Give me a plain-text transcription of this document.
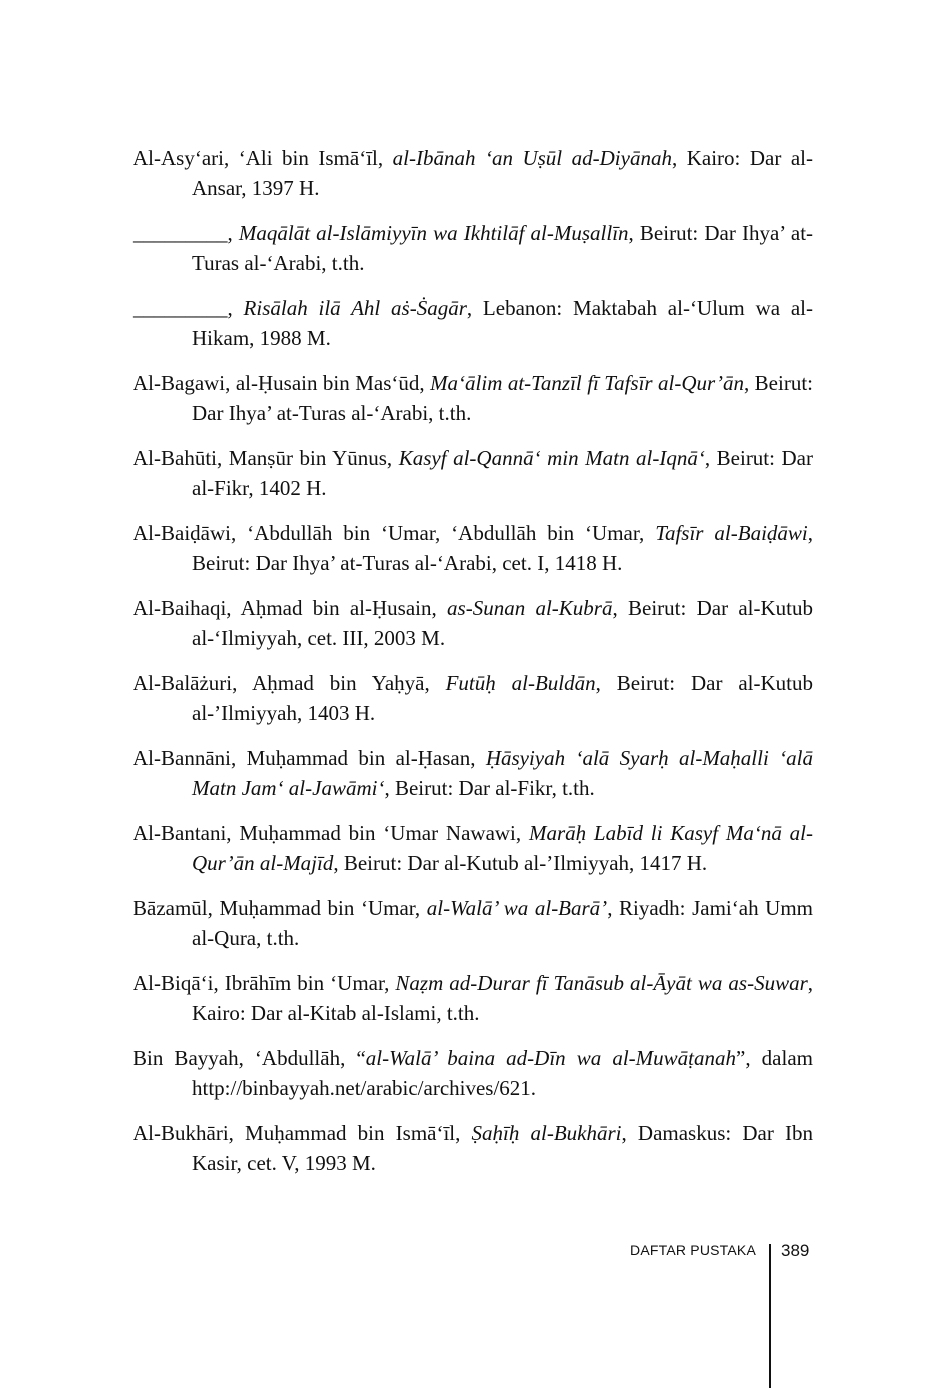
Al-Asy‘ari, ‘Ali bin Ismā‘īl, al-Ibānah ‘an Uṣūl ad-Diyānah, Kairo: Dar al-Ansar, 1397 H.

_________, Maqālāt al-Islāmiyyīn wa Ikhtilāf al-Muṣallīn, Beirut: Dar Ihya’ at-Turas al-‘Arabi, t.th.

_________, Risālah ilā Ahl aṡ-Ṡagār, Lebanon: Maktabah al-‘Ulum wa al-Hikam, 1988 M.

Al-Bagawi, al-Ḥusain bin Mas‘ūd, Ma‘ālim at-Tanzīl fī Tafsīr al-Qur’ān, Beirut: Dar Ihya’ at-Turas al-‘Arabi, t.th.

Al-Bahūti, Manṣūr bin Yūnus, Kasyf al-Qannā‘ min Matn al-Iqnā‘, Beirut: Dar al-Fikr, 1402 H.

Al-Baiḍāwi, ‘Abdullāh bin ‘Umar, ‘Abdullāh bin ‘Umar, Tafsīr al-Baiḍāwi, Beirut: Dar Ihya’ at-Turas al-‘Arabi, cet. I, 1418 H.

Al-Baihaqi, Aḥmad bin al-Ḥusain, as-Sunan al-Kubrā, Beirut: Dar al-Kutub al-‘Ilmiyyah, cet. III, 2003 M.

Al-Balāżuri, Aḥmad bin Yaḥyā, Futūḥ al-Buldān, Beirut: Dar al-Kutub al-’Ilmiyyah, 1403 H.

Al-Bannāni, Muḥammad bin al-Ḥasan, Ḥāsyiyah ‘alā Syarḥ al-Maḥalli ‘alā Matn Jam‘ al-Jawāmi‘, Beirut: Dar al-Fikr, t.th.

Al-Bantani, Muḥammad bin ‘Umar Nawawi, Marāḥ Labīd li Kasyf Ma‘nā al-Qur’ān al-Majīd, Beirut: Dar al-Kutub al-’Ilmiyyah, 1417 H.

Bāzamūl, Muḥammad bin ‘Umar, al-Walā’ wa al-Barā’, Riyadh: Jami‘ah Umm al-Qura, t.th.

Al-Biqā‘i, Ibrāhīm bin ‘Umar, Naẓm ad-Durar fī Tanāsub al-Āyāt wa as-Suwar, Kairo: Dar al-Kitab al-Islami, t.th.

Bin Bayyah, ‘Abdullāh, “al-Walā’ baina ad-Dīn wa al-Muwāṭanah”, dalam http://binbayyah.net/arabic/archives/621.

Al-Bukhāri, Muḥammad bin Ismā‘īl, Ṣaḥīḥ al-Bukhāri, Damaskus: Dar Ibn Kasir, cet. V, 1993 M.

DAFTAR PUSTAKA 389
